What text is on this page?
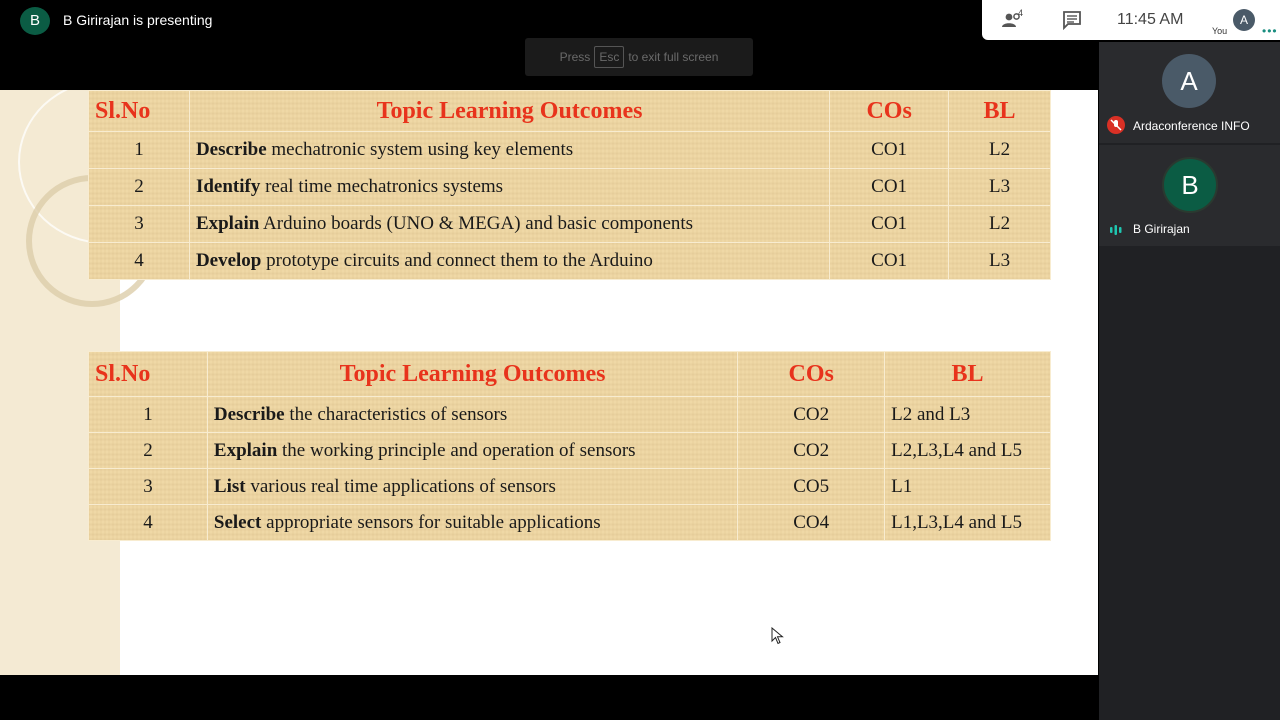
B	B Girirajan is presenting	4	11:45 AM	A
You	•••
Press Esc to exit full screen
Sl.No	Topic Learning Outcomes	COs	BL
1	Describe mechatronic system using key elements	CO1	L2
2	Identify real time mechatronics systems	CO1	L3
3	Explain Arduino boards (UNO & MEGA) and basic components	CO1	L2
4	Develop prototype circuits and connect them to the Arduino	CO1	L3
Sl.No	Topic Learning Outcomes	COs	BL
1	Describe the characteristics of sensors	CO2	L2 and L3
2	Explain the working principle and operation of sensors	CO2	L2,L3,L4 and L5
3	List various real time applications of sensors	CO5	L1
4	Select appropriate sensors for suitable applications	CO4	L1,L3,L4 and L5
A
Ardaconference INFO
B
B Girirajan
